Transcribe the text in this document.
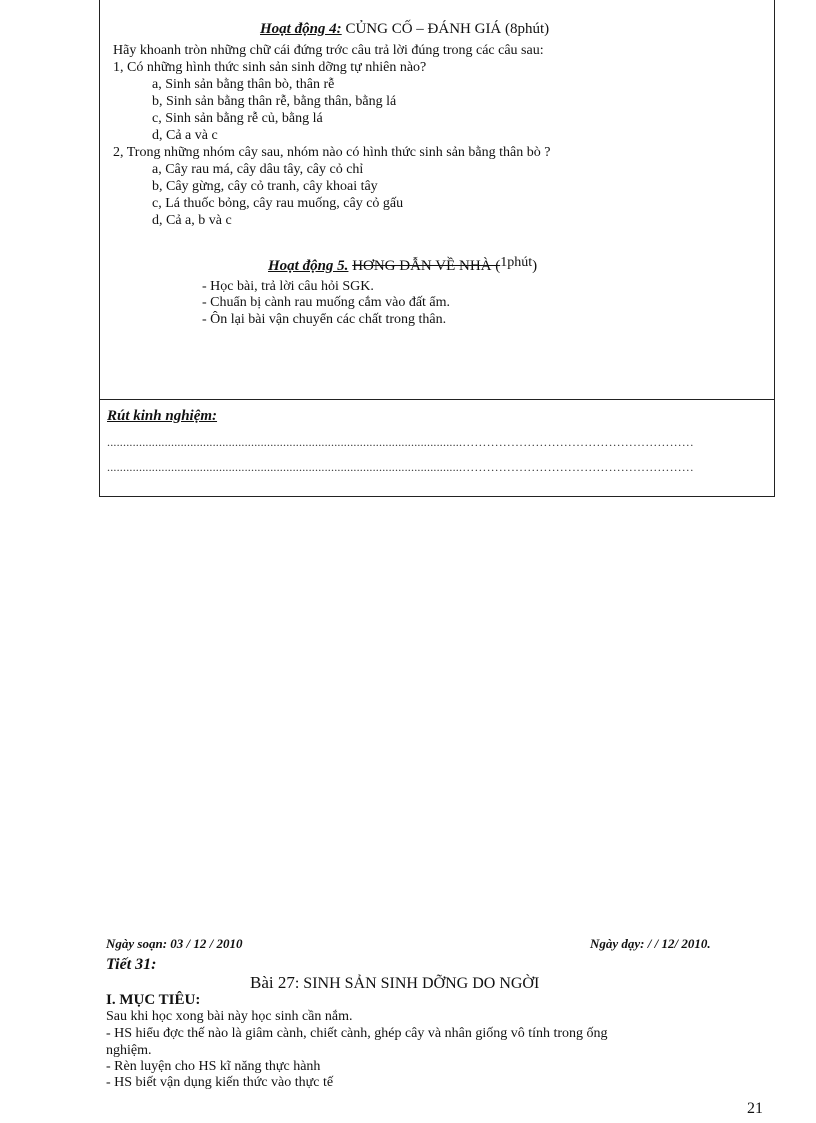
Hoạt động 4: CỦNG CỐ – ĐÁNH GIÁ (8phút)
Hãy khoanh tròn những chữ cái đứng trớc câu trả lời đúng trong các câu sau:
1, Có những hình thức sinh sản sinh dỡng tự nhiên nào?
a, Sinh sản bằng thân bò, thân rễ
b, Sinh sản bằng thân rễ, bằng thân, bằng lá
c, Sinh sản bằng rễ củ, bằng lá
d, Cả a và c
2, Trong những nhóm cây sau, nhóm nào có hình thức sinh sản bằng thân bò ?
a, Cây rau má, cây dâu tây, cây cỏ chỉ
b, Cây gừng, cây cỏ tranh, cây khoai tây
c, Lá thuốc bỏng, cây rau muống, cây cỏ gấu
d, Cả a, b và c
Hoạt động 5. HƠNG DẪN VỀ NHÀ (1phút)
- Học bài, trả lời câu hỏi SGK.
- Chuẩn bị cành rau muống cắm vào đất ẩm.
- Ôn lại bài vận chuyển các chất trong thân.
Rút kinh nghiệm:
...............................................................................................................…………………………………………………
...............................................................................................................…………………………………………………
Ngày soạn: 03 / 12 / 2010	Ngày dạy: / / 12/ 2010.
Tiết 31:
Bài 27: SINH SẢN SINH DỠNG DO NGỜI
I. MỤC TIÊU:
Sau khi học xong bài này học sinh cần nắm.
- HS hiểu đợc thế nào là giâm cành, chiết cành, ghép cây và nhân giống vô tính trong ống
nghiệm.
- Rèn luyện cho HS kĩ năng thực hành
- HS biết vận dụng kiến thức vào thực tế
21
